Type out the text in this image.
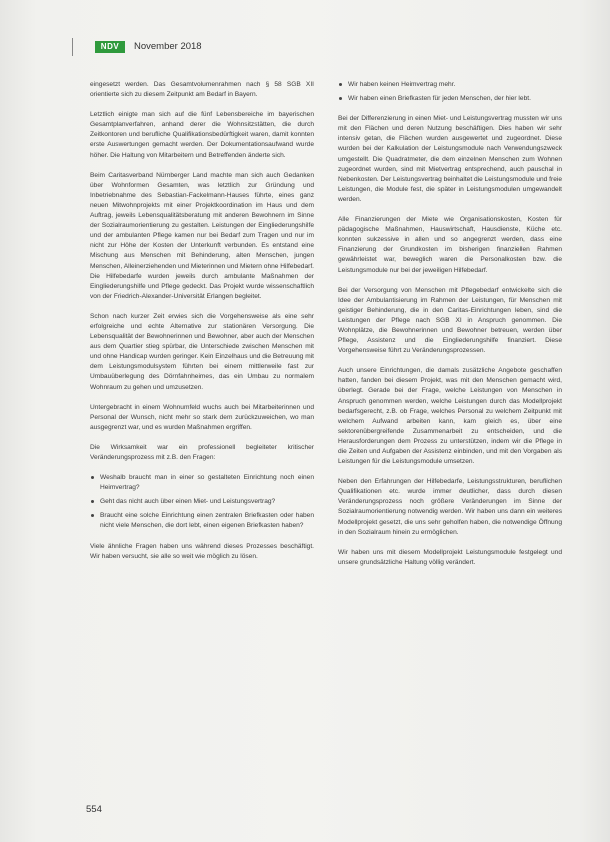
NDV	November 2018

eingesetzt werden. Das Gesamtvolumenrahmen nach § 58 SGB XII orientierte sich zu diesem Zeitpunkt am Bedarf in Bayern.

Letztlich einigte man sich auf die fünf Lebensbereiche im bayerischen Gesamtplanverfahren, anhand derer die Wohnsitzstätten, die durch Zeitkontoren und berufliche Qualifikationsbedürftigkeit waren, damit konnten erste Auswertungen gemacht werden. Der Dokumentationsaufwand wurde höher. Die Haltung von Mitarbeitern und Betreffenden änderte sich.

Beim Caritasverband Nürnberger Land machte man sich auch Gedanken über Wohnformen Gesamten, was letztlich zur Gründung und Inbetriebnahme des Sebastian-Fackelmann-Hauses führte, eines ganz neuen Mitwohnprojekts mit einer Projektkoordination im Haus und dem Auftrag, jeweils Lebensqualitätsberatung mit anderen Bewohnern im Sinne der Sozialraumorientierung zu gestalten. Leistungen der Eingliederungshilfe und der ambulanten Pflege kamen nur bei Bedarf zum Tragen und nur im nicht zur Höhe der Kosten der Unterkunft verbunden. Es entstand eine Mischung aus Menschen mit Behinderung, alten Menschen, jungen Menschen, Alleinerziehenden und Mieterinnen und Mietern ohne Hilfebedarf. Die Hilfebedarfe wurden jeweils durch ambulante Maßnahmen der Eingliederungshilfe und Pflege gedeckt. Das Projekt wurde wissenschaftlich von der Friedrich-Alexander-Universität Erlangen begleitet.

Schon nach kurzer Zeit erwies sich die Vorgehensweise als eine sehr erfolgreiche und echte Alternative zur stationären Versorgung. Die Lebensqualität der Bewohnerinnen und Bewohner, aber auch der Menschen aus dem Quartier stieg spürbar, die Unterschiede zwischen Menschen mit und ohne Handicap wurden geringer. Kein Einzelhaus und die Betreuung mit dem Leistungsmodulsystem führten bei einem mittlerweile fast zur Umbauüberlegung des Dörnfahnheimes, das ein Umbau zu normalem Wohnraum zu gehen und umzusetzen.

Untergebracht in einem Wohnumfeld wuchs auch bei Mitarbeiterinnen und Personal der Wunsch, nicht mehr so stark dem zurückzuweichen, wo man ausgegrenzt war, und es wurden Maßnahmen ergriffen.

Die Wirksamkeit war ein professionell begleiteter kritischer Veränderungsprozess mit z.B. den Fragen:

Weshalb braucht man in einer so gestalteten Einrichtung noch einen Heimvertrag?
Geht das nicht auch über einen Miet- und Leistungsvertrag?
Braucht eine solche Einrichtung einen zentralen Briefkasten oder haben nicht viele Menschen, die dort lebt, einen eigenen Briefkasten haben?

Viele ähnliche Fragen haben uns während dieses Prozesses beschäftigt. Wir haben versucht, sie alle so weit wie möglich zu lösen.

Wir haben keinen Heimvertrag mehr.
Wir haben einen Briefkasten für jeden Menschen, der hier lebt.

Bei der Differenzierung in einen Miet- und Leistungsvertrag mussten wir uns mit den Flächen und deren Nutzung beschäftigen. Dies haben wir sehr intensiv getan, die Flächen wurden ausgewertet und zugeordnet. Diese wurden bei der Kalkulation der Leistungsmodule nach Verwendungszweck umgestellt. Die Quadratmeter, die dem einzelnen Menschen zum Wohnen zugeordnet wurden, sind mit Mietvertrag entsprechend, auch pauschal in Nebenkosten. Der Leistungsvertrag beinhaltet die Leistungsmodule und freie Leistungen, die Module fest, die später in Leistungsmodulen umgewandelt werden.

Alle Finanzierungen der Miete wie Organisationskosten, Kosten für pädagogische Maßnahmen, Hauswirtschaft, Hausdienste, Küche etc. konnten sukzessive in allen und so angegrenzt werden, dass eine Finanzierung der Grundkosten im bisherigen finanziellen Rahmen gewährleistet war, beweglich waren die Personalkosten bzw. die Leistungsmodule nur bei der jeweiligen Hilfebedarf.

Bei der Versorgung von Menschen mit Pflegebedarf entwickelte sich die Idee der Ambulantisierung im Rahmen der Leistungen, für Menschen mit geistiger Behinderung, die in den Caritas-Einrichtungen leben, sind die Leistungen der Pflege nach SGB XI in Anspruch genommen. Die Wohnplätze, die Bewohnerinnen und Bewohner betreuen, werden über Pflege, Assistenz und die Eingliederungshilfe finanziert. Diese Vorgehensweise führt zu Veränderungsprozessen.

Auch unsere Einrichtungen, die damals zusätzliche Angebote geschaffen hatten, fanden bei diesem Projekt, was mit den Menschen gemacht wird, überlegt. Gerade bei der Frage, welche Leistungen von Menschen in Anspruch genommen werden, welche Leistungen durch das Modellprojekt bedarfsgerecht, z.B. ob Frage, welches Personal zu welchem Zeitpunkt mit welchem Aufwand arbeiten kann, kam gleich es, über eine sektorenübergreifende Zusammenarbeit zu entscheiden, und die Herausforderungen dem Prozess zu unterstützen, indem wir die Pflege in die Zeiten und Aufgaben der Assistenz einbinden, und mit den Vorgaben als Leistungen für die Leistungsmodule umsetzen.

Neben den Erfahrungen der Hilfebedarfe, Leistungsstrukturen, beruflichen Qualifikationen etc. wurde immer deutlicher, dass durch diesen Veränderungsprozess noch größere Veränderungen im Sinne der Sozialraumorientierung notwendig werden. Wir haben uns dann ein weiteres Modellprojekt gesetzt, die uns sehr geholfen haben, die notwendige Öffnung in den Sozialraum hinein zu ermöglichen.

Wir haben uns mit diesem Modellprojekt Leistungsmodule festgelegt und unsere grundsätzliche Haltung völlig verändert.

554
